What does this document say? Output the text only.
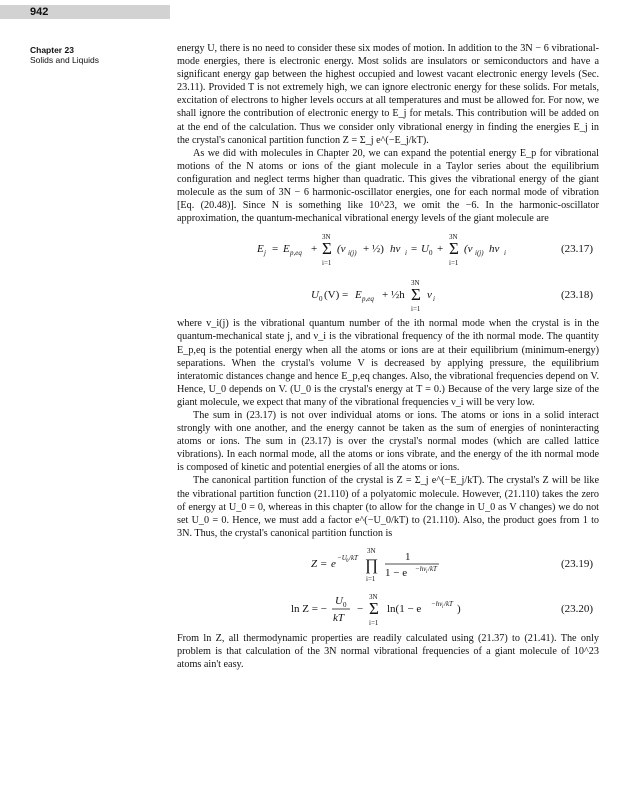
942
Chapter 23
Solids and Liquids

energy U, there is no need to consider these six modes of motion. In addition to the 3N − 6 vibrational-mode energies, there is electronic energy. Most solids are insulators or semiconductors and have a significant energy gap between the highest occupied and lowest vacant electronic energy levels (Sec. 23.11). Provided T is not extremely high, we can ignore electronic energy for these solids. For metals, excitation of electrons to higher levels occurs at all temperatures and must be allowed for. For now, we shall ignore the contribution of electronic energy to E_j for metals. This contribution will be added on at the end of the calculation. Thus we consider only vibrational energy in finding the energies E_j in the crystal's canonical partition function Z = Σ_j e^(−E_j/kT).

As we did with molecules in Chapter 20, we can expand the potential energy E_p for vibrational motions of the N atoms or ions of the giant molecule in a Taylor series about the equilibrium configuration and neglect terms higher than quadratic. This gives the vibrational energy of the giant molecule as the sum of 3N − 6 harmonic-oscillator energies, one for each normal mode of vibration [Eq. (20.48)]. Since N is something like 10^23, we omit the −6. In the harmonic-oscillator approximation, the quantum-mechanical vibrational energy levels of the giant molecule are

E j = E p,eq +
3N
Σ
i=1
(v i(j) + ½) hν i = U 0 +
3N
Σ
i=1
(v i(j) hν i	(23.17)
U 0 (V) = E p,eq + ½h
3N
Σ
i=1
ν i	(23.18)

where v_i(j) is the vibrational quantum number of the ith normal mode when the crystal is in the quantum-mechanical state j, and ν_i is the vibrational frequency of the ith normal mode. The quantity E_p,eq is the potential energy when all the atoms or ions are at their equilibrium (minimum-energy) separations. When the crystal's volume V is decreased by applying pressure, the equilibrium interatomic distances change and hence E_p,eq changes. Also, the vibrational frequencies depend on V. Hence, U_0 depends on V. (U_0 is the crystal's energy at T = 0.) Because of the very large size of the giant molecule, we expect that many of the vibrational frequencies ν_i will be very low.

The sum in (23.17) is not over individual atoms or ions. The atoms or ions in a solid interact strongly with one another, and the energy cannot be taken as the sum of energies of noninteracting atoms or ions. The sum in (23.17) is over the crystal's normal modes (which are called lattice vibrations). In each normal mode, all the atoms or ions vibrate, and the energy of the ith normal mode is composed of kinetic and potential energies of all the atoms or ions.

The canonical partition function of the crystal is Z = Σ_j e^(−E_j/kT). The crystal's Z will be like the vibrational partition function (21.110) of a polyatomic molecule. However, (21.110) takes the zero of energy at U_0 = 0, whereas in this chapter (to allow for the change in U_0 as V changes) we do not set U_0 = 0. Hence, we must add a factor e^(−U_0/kT) to (21.110). Also, the product goes from 1 to 3N. Thus, the crystal's canonical partition function is

Z = e −U 0 /kT
3N
∏
i=1
1
1 − e −hν i /kT	(23.19)
ln Z = −
U 0
kT
−
3N
Σ
i=1
ln(1 − e −hν i /kT )	(23.20)

From ln Z, all thermodynamic properties are readily calculated using (21.37) to (21.41). The only problem is that calculation of the 3N normal vibrational frequencies of a giant molecule of 10^23 atoms ain't easy.
